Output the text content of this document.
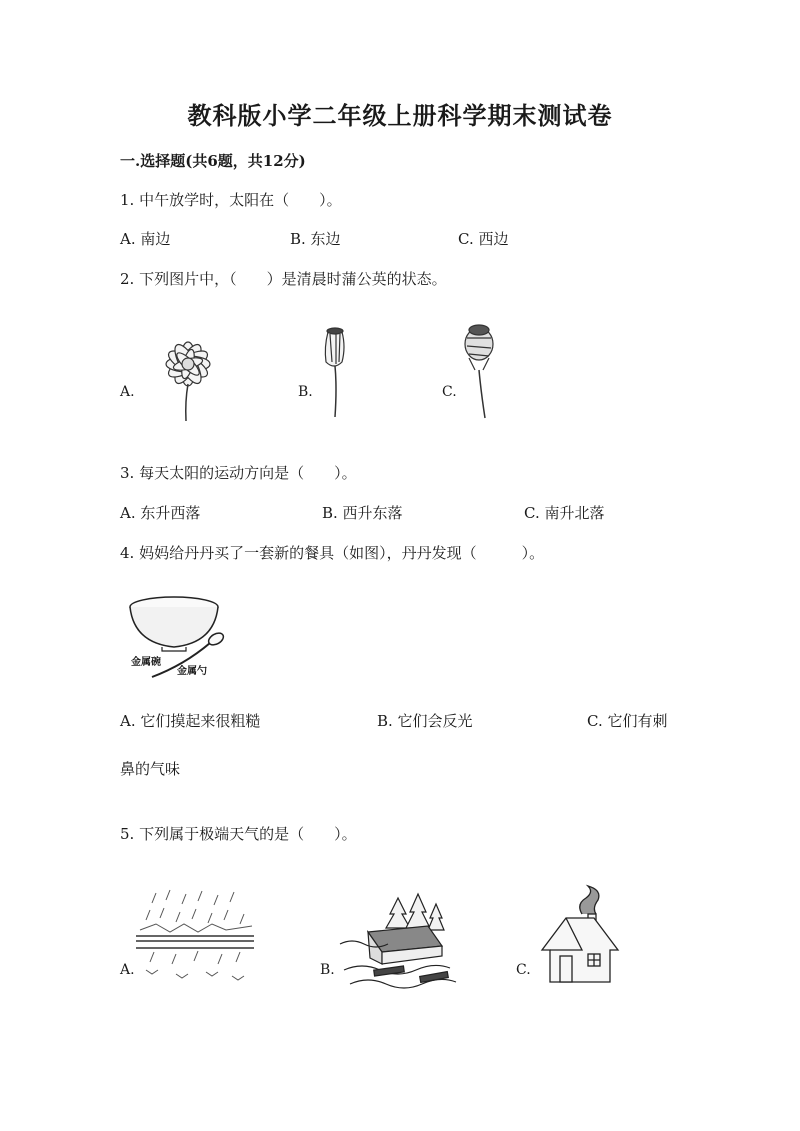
教科版小学二年级上册科学期末测试卷
一.选择题(共6题，共12分)
1. 中午放学时，太阳在（　　）。
A. 南边	B. 东边	C. 西边
2. 下列图片中，（　　）是清晨时蒲公英的状态。
A.	B.	C.
3. 每天太阳的运动方向是（　　）。
A. 东升西落	B. 西升东落	C. 南升北落
4. 妈妈给丹丹买了一套新的餐具（如图），丹丹发现（　　　）。
金属碗
金属勺
A. 它们摸起来很粗糙	B. 它们会反光	C. 它们有刺
鼻的气味
5. 下列属于极端天气的是（　　）。
A.	B.	C.
